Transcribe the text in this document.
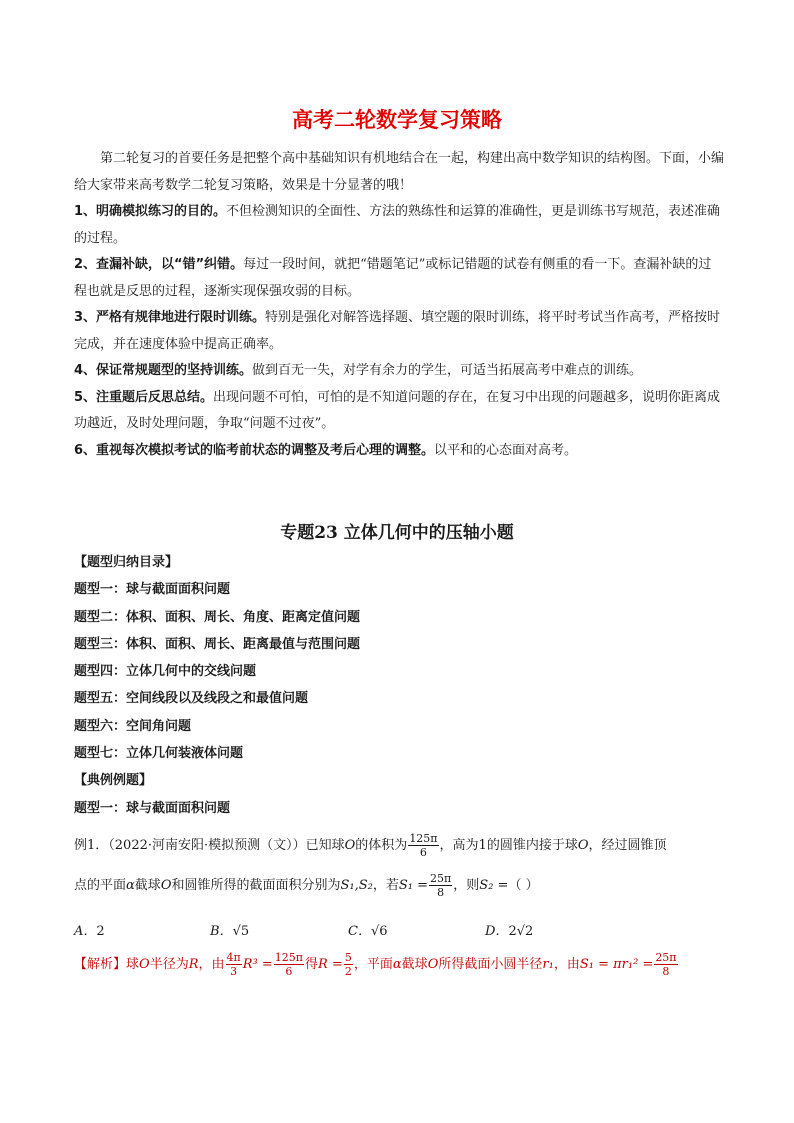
高考二轮数学复习策略
第二轮复习的首要任务是把整个高中基础知识有机地结合在一起，构建出高中数学知识的结构图。下面，小编给大家带来高考数学二轮复习策略，效果是十分显著的哦！

1、明确模拟练习的目的。不但检测知识的全面性、方法的熟练性和运算的准确性，更是训练书写规范，表述准确的过程。

2、查漏补缺，以“错”纠错。每过一段时间，就把“错题笔记”或标记错题的试卷有侧重的看一下。查漏补缺的过程也就是反思的过程，逐渐实现保强攻弱的目标。

3、严格有规律地进行限时训练。特别是强化对解答选择题、填空题的限时训练，将平时考试当作高考，严格按时完成，并在速度体验中提高正确率。

4、保证常规题型的坚持训练。做到百无一失，对学有余力的学生，可适当拓展高考中难点的训练。

5、注重题后反思总结。出现问题不可怕，可怕的是不知道问题的存在，在复习中出现的问题越多，说明你距离成功越近，及时处理问题，争取“问题不过夜”。

6、重视每次模拟考试的临考前状态的调整及考后心理的调整。以平和的心态面对高考。

专题23 立体几何中的压轴小题
【题型归纳目录】
题型一：球与截面面积问题
题型二：体积、面积、周长、角度、距离定值问题
题型三：体积、面积、周长、距离最值与范围问题
题型四：立体几何中的交线问题
题型五：空间线段以及线段之和最值问题
题型六：空间角问题
题型七：立体几何装液体问题
【典例例题】
题型一：球与截面面积问题
例1．（2022·河南安阳·模拟预测（文））已知球O的体积为 $\frac{125\pi}{6}$ ，高为1的圆锥内接于球O，经过圆锥顶
点的平面α截球O和圆锥所得的截面面积分别为S₁,S₂，若$S_1 = \frac{25\pi}{8}$ ，则S₂ =（ ）
A．2	B．√5	C．√6	D．2√2
【解析】球O半径为R，由 $\frac{4\pi}{3} R^3 = \frac{125\pi}{6}$ 得$R = \frac{5}{2}$ ，平面α截球O所得截面小圆半径r₁，由$S_1 = \pi r_1^2 = \frac{25\pi}{8}$
